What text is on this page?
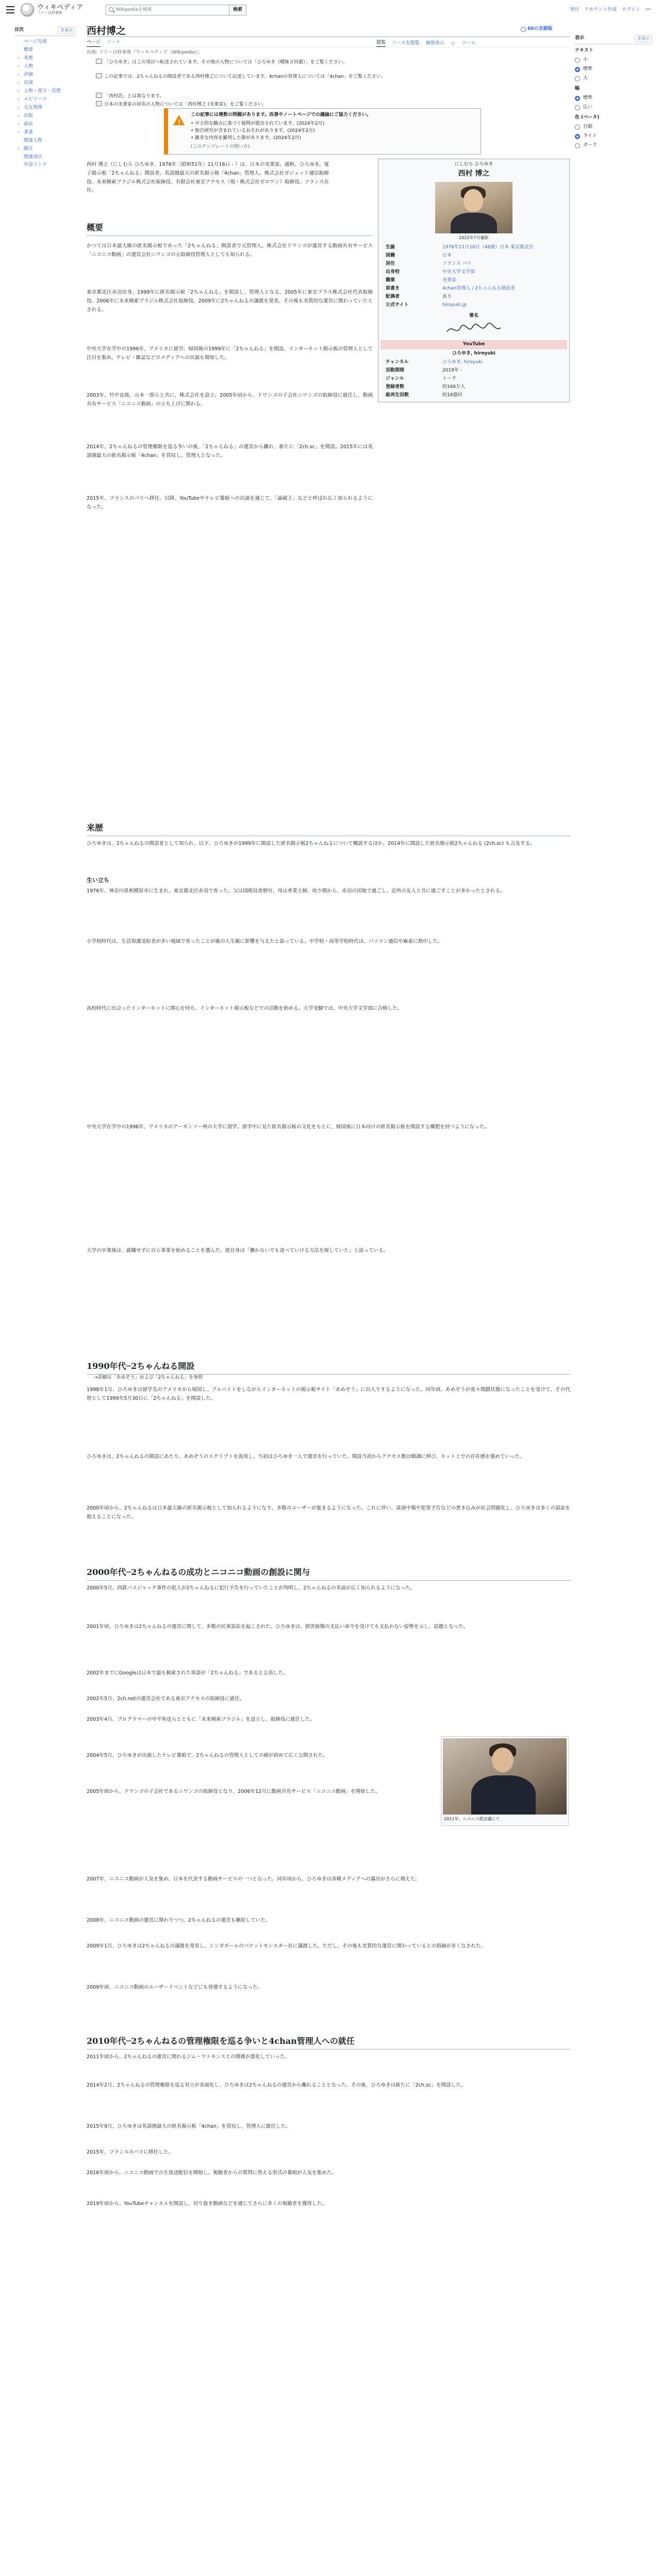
ウィキペディア
フリー百科事典
Wikipediaを検索	検索	寄付 アカウント作成 ログイン ···
目次	非表示
ページ先頭
概要
› 来歴
› 人物
› 評価
› 出演
› 人物・発言・思想
› エピソード
› 交友関係
› 出版
› 訴訟
› 著書
関連人物
› 脚注
関連項目
外部リンク
表示	非表示
テキスト
小
標準
大
幅
標準
広い
色 (ベータ)
自動
ライト
ダーク
西村博之	86の言語版
ページ ノート	閲覧 ソースを閲覧 履歴表示 ☆ ツール
出典: フリー百科事典『ウィキペディア（Wikipedia）』
「ひろゆき」はこの項目へ転送されています。その他の人物については「ひろゆき（曖昧さ回避）」をご覧ください。
この記事では、2ちゃんねるの開設者である西村博之について記述しています。4chanの管理人については「4chan」をご覧ください。
「西村浩」とは異なります。
日本の実業家の同名の人物については「西村博之 (実業家)」をご覧ください。
!
この記事には複数の問題があります。改善やノートページでの議論にご協力ください。
• 中立的な観点に基づく疑問が提出されています。(2024年2月)
• 独自研究が含まれているおそれがあります。(2024年2月)
• 雑多な内容を羅列した節があります。(2024年2月)
(このテンプレートの使い方)

西村 博之（にしむら ひろゆき、1976年〈昭和51年〉11月16日 - ）は、日本の実業家。通称、ひろゆき。電子掲示板「2ちゃんねる」開設者。英語圏最大の匿名掲示板「4chan」管理人。株式会社ガジェット通信取締役、未来検索ブラジル株式会社取締役、有限会社東京アクセス（現・株式会社ゼロワン）取締役。フランス在住。

にしむら ひろゆき
西村 博之
2022年7月撮影
生誕	1976年11月16日（48歳）日本 東京都北区
国籍	日本
居住	フランス パリ
出身校	中央大学文学部
職業	実業家
肩書き	4chan管理人 / 2ちゃんねる開設者
配偶者	あり
公式サイト	hiroyuki.jp
署名
YouTube
ひろゆき, hiroyuki
チャンネル	ひろゆき, hiroyuki
活動期間	2019年 -
ジャンル	トーク
登録者数	約166万人
総再生回数	約16億回
概要

かつては日本最大級の匿名掲示板であった「2ちゃんねる」開設者で元管理人。株式会社ドワンゴが運営する動画共有サービス「ニコニコ動画」の運営会社ニワンゴの元取締役管理人としても知られる。

東京都北区赤羽出身。1999年に匿名掲示板「2ちゃんねる」を開設し、管理人となる。2005年に東京プラス株式会社代表取締役、2006年に未来検索ブラジル株式会社取締役。2009年に2ちゃんねるの譲渡を発表。その後も実質的な運営に関わっていたとされる。

中央大学在学中の1996年、アメリカに留学。帰国後の1999年に「2ちゃんねる」を開設。インターネット掲示板の管理人として注目を集め、テレビ・雑誌などのメディアへの出演も増加した。

2003年、竹中直純、山本一郎らと共に、株式会社を設立。2005年頃から、ドワンゴの子会社ニワンゴの取締役に就任し、動画共有サービス「ニコニコ動画」の立ち上げに関わる。

2014年、2ちゃんねるの管理権限を巡る争いの後、「2ちゃんねる」の運営から離れ、新たに「2ch.sc」を開設。2015年には英語圏最大の匿名掲示板「4chan」を買収し、管理人となった。

2015年、フランスのパリへ移住。以降、YouTubeやテレビ番組への出演を通じて、「論破王」などと呼ばれ広く知られるようになった。

来歴

ひろゆきは、2ちゃんねるの開設者として知られ、以下、ひろゆきが1999年に開設した匿名掲示板2ちゃんねるについて概説するほか、2014年に開設した匿名掲示板2ちゃんねる (2ch.sc) も言及する。

生い立ち

1976年、神奈川県相模原市に生まれ、東京都北区赤羽で育った。父は国税局査察官、母は専業主婦。幼少期から、赤羽の団地で過ごし、近所の友人と共に過ごすことが多かったとされる。

小学校時代は、生活保護受給者が多い地域で育ったことが後の人生観に影響を与えたと語っている。中学校・高等学校時代は、パソコン通信や麻雀に熱中した。

高校時代に出会ったインターネットに関心を持ち、インターネット掲示板などでの活動を始める。大学受験では、中央大学文学部に合格した。

中央大学在学中の1996年、アメリカのアーカンソー州の大学に留学。留学中に見た匿名掲示板の文化をもとに、帰国後に日本向けの匿名掲示板を開設する構想を持つようになった。

大学の卒業後は、就職せずに自ら事業を始めることを選んだ。彼自身は「働かないでも食べていける方法を探していた」と語っている。

1990年代─2ちゃんねる開設
→詳細は「あめぞう」および「2ちゃんねる」を参照

1998年1月、ひろゆきは留学先のアメリカから帰国し、アルバイトをしながらインターネットの掲示板サイト「あめぞう」に出入りするようになった。同年頃、あめぞうが度々閉鎖状態になったことを受けて、その代替として1999年5月30日に「2ちゃんねる」を開設した。

ひろゆきは、2ちゃんねるの開設にあたり、あめぞうのスクリプトを流用し、当初はひろゆき一人で運営を行っていた。開設当初からアクセス数は順調に伸び、ネット上での存在感を強めていった。

2000年頃から、2ちゃんねるは日本最大級の匿名掲示板として知られるようになり、多数のユーザーが集まるようになった。これに伴い、誹謗中傷や犯罪予告などの書き込みが社会問題化し、ひろゆきは多くの訴訟を抱えることになった。

2000年代─2ちゃんねるの成功とニコニコ動画の創設に関与

2000年5月、西鉄バスジャック事件の犯人が2ちゃんねるに犯行予告を行っていたことが判明し、2ちゃんねるの名前が広く知られるようになった。

2001年頃、ひろゆきは2ちゃんねるの運営に関して、多数の民事訴訟を起こされた。ひろゆきは、損害賠償の支払い命令を受けても支払わない姿勢を示し、話題となった。

2002年までにGoogleは日本で最も検索された単語が「2ちゃんねる」であると公表した。

2002年5月、2ch.netの運営会社である東京アクセスの取締役に就任。

2003年4月、プログラマーの中平和也らとともに「未来検索ブラジル」を設立し、取締役に就任した。

2004年5月、ひろゆきが出演したテレビ番組で、2ちゃんねるの管理人としての顔が初めて広く公開された。

2005年頃から、ドワンゴの子会社であるニワンゴの取締役となり、2006年12月に動画共有サービス「ニコニコ動画」を開始した。

2007年、ニコニコ動画が人気を集め、日本を代表する動画サービスの一つとなった。同年頃から、ひろゆきは各種メディアへの露出がさらに増えた。

2008年、ニコニコ動画の運営に関わりつつ、2ちゃんねるの運営も継続していた。

2009年1月、ひろゆきは2ちゃんねるの譲渡を発表し、シンガポールのパケットモンスター社に譲渡した。ただし、その後も実質的な運営に関わっているとの指摘が多くなされた。

2009年頃、ニコニコ動画のユーザーイベントなどにも登壇するようになった。

2011年、ニコニコ超会議にて
2010年代─2ちゃんねるの管理権限を巡る争いと4chan管理人への就任

2011年頃から、2ちゃんねるの運営に関わるジム・ワトキンスとの関係が悪化していった。

2014年2月、2ちゃんねるの管理権限を巡る対立が表面化し、ひろゆきは2ちゃんねるの運営から離れることとなった。その後、ひろゆきは新たに「2ch.sc」を開設した。

2015年9月、ひろゆきは英語圏最大の匿名掲示板「4chan」を買収し、管理人に就任した。

2015年、フランスのパリに移住した。

2016年頃から、ニコニコ動画での生放送配信を開始し、視聴者からの質問に答える形式の番組が人気を集めた。

2019年頃から、YouTubeチャンネルを開設し、切り抜き動画などを通じてさらに多くの視聴者を獲得した。
